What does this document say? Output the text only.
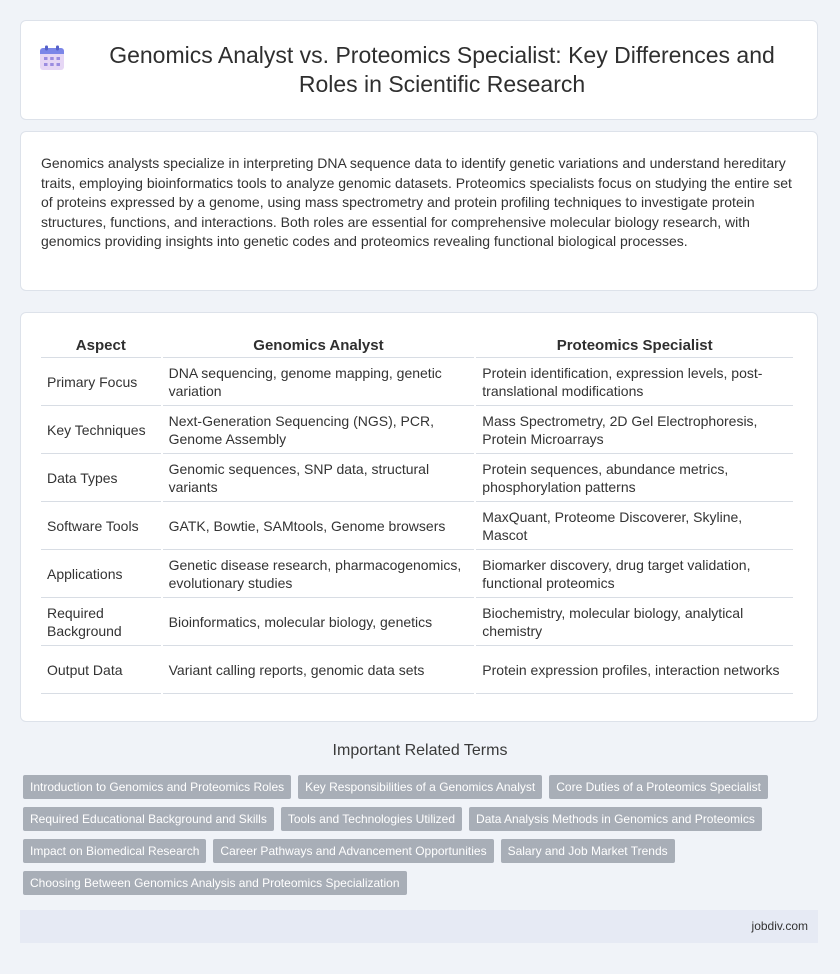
Genomics Analyst vs. Proteomics Specialist: Key Differences and Roles in Scientific Research

Genomics analysts specialize in interpreting DNA sequence data to identify genetic variations and understand hereditary traits, employing bioinformatics tools to analyze genomic datasets. Proteomics specialists focus on studying the entire set of proteins expressed by a genome, using mass spectrometry and protein profiling techniques to investigate protein structures, functions, and interactions. Both roles are essential for comprehensive molecular biology research, with genomics providing insights into genetic codes and proteomics revealing functional biological processes.

Aspect	Genomics Analyst	Proteomics Specialist
Primary Focus	DNA sequencing, genome mapping, genetic variation	Protein identification, expression levels, post-translational modifications
Key Techniques	Next-Generation Sequencing (NGS), PCR, Genome Assembly	Mass Spectrometry, 2D Gel Electrophoresis, Protein Microarrays
Data Types	Genomic sequences, SNP data, structural variants	Protein sequences, abundance metrics, phosphorylation patterns
Software Tools	GATK, Bowtie, SAMtools, Genome browsers	MaxQuant, Proteome Discoverer, Skyline, Mascot
Applications	Genetic disease research, pharmacogenomics, evolutionary studies	Biomarker discovery, drug target validation, functional proteomics
Required Background	Bioinformatics, molecular biology, genetics	Biochemistry, molecular biology, analytical chemistry
Output Data	Variant calling reports, genomic data sets	Protein expression profiles, interaction networks
Important Related Terms
Introduction to Genomics and Proteomics Roles	Key Responsibilities of a Genomics Analyst	Core Duties of a Proteomics Specialist
Required Educational Background and Skills	Tools and Technologies Utilized	Data Analysis Methods in Genomics and Proteomics
Impact on Biomedical Research	Career Pathways and Advancement Opportunities	Salary and Job Market Trends
Choosing Between Genomics Analysis and Proteomics Specialization
jobdiv.com
